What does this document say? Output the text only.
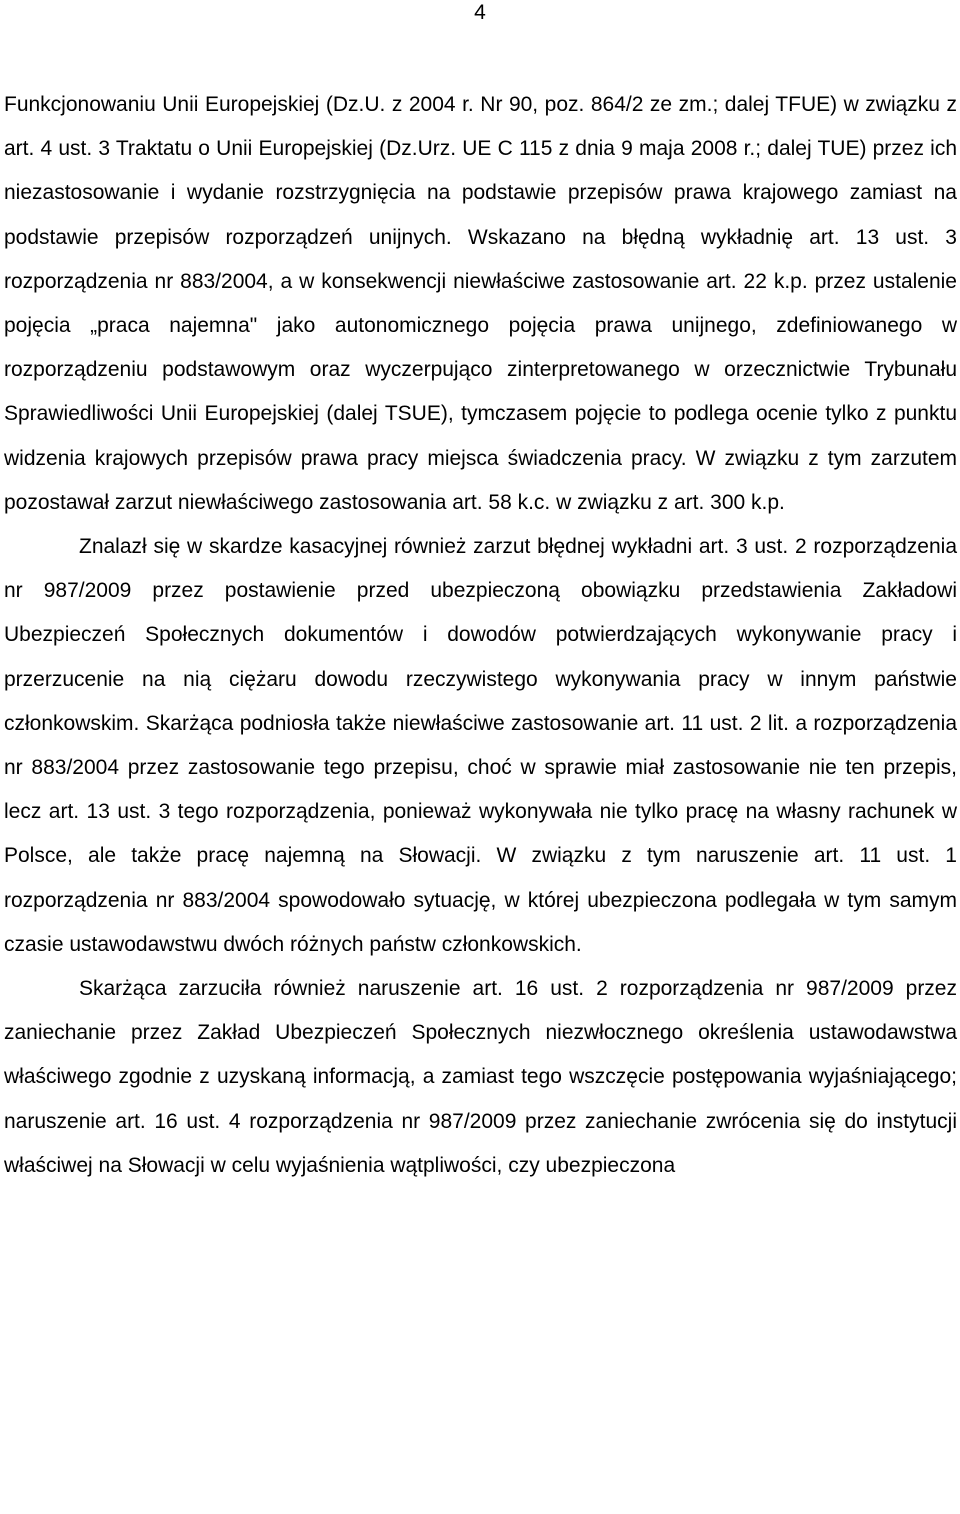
4

Funkcjonowaniu Unii Europejskiej (Dz.U. z 2004 r. Nr 90, poz. 864/2 ze zm.; dalej TFUE) w związku z art. 4 ust. 3 Traktatu o Unii Europejskiej (Dz.Urz. UE C 115 z dnia 9 maja 2008 r.; dalej TUE) przez ich niezastosowanie i wydanie rozstrzygnięcia na podstawie przepisów prawa krajowego zamiast na podstawie przepisów rozporządzeń unijnych. Wskazano na błędną wykładnię art. 13 ust. 3 rozporządzenia nr 883/2004, a w konsekwencji niewłaściwe zastosowanie art. 22 k.p. przez ustalenie pojęcia „praca najemna" jako autonomicznego pojęcia prawa unijnego, zdefiniowanego w rozporządzeniu podstawowym oraz wyczerpująco zinterpretowanego w orzecznictwie Trybunału Sprawiedliwości Unii Europejskiej (dalej TSUE), tymczasem pojęcie to podlega ocenie tylko z punktu widzenia krajowych przepisów prawa pracy miejsca świadczenia pracy. W związku z tym zarzutem pozostawał zarzut niewłaściwego zastosowania art. 58 k.c. w związku z art. 300 k.p.

Znalazł się w skardze kasacyjnej również zarzut błędnej wykładni art. 3 ust. 2 rozporządzenia nr 987/2009 przez postawienie przed ubezpieczoną obowiązku przedstawienia Zakładowi Ubezpieczeń Społecznych dokumentów i dowodów potwierdzających wykonywanie pracy i przerzucenie na nią ciężaru dowodu rzeczywistego wykonywania pracy w innym państwie członkowskim. Skarżąca podniosła także niewłaściwe zastosowanie art. 11 ust. 2 lit. a rozporządzenia nr 883/2004 przez zastosowanie tego przepisu, choć w sprawie miał zastosowanie nie ten przepis, lecz art. 13 ust. 3 tego rozporządzenia, ponieważ wykonywała nie tylko pracę na własny rachunek w Polsce, ale także pracę najemną na Słowacji. W związku z tym naruszenie art. 11 ust. 1 rozporządzenia nr 883/2004 spowodowało sytuację, w której ubezpieczona podlegała w tym samym czasie ustawodawstwu dwóch różnych państw członkowskich.

Skarżąca zarzuciła również naruszenie art. 16 ust. 2 rozporządzenia nr 987/2009 przez zaniechanie przez Zakład Ubezpieczeń Społecznych niezwłocznego określenia ustawodawstwa właściwego zgodnie z uzyskaną informacją, a zamiast tego wszczęcie postępowania wyjaśniającego; naruszenie art. 16 ust. 4 rozporządzenia nr 987/2009 przez zaniechanie zwrócenia się do instytucji właściwej na Słowacji w celu wyjaśnienia wątpliwości, czy ubezpieczona
